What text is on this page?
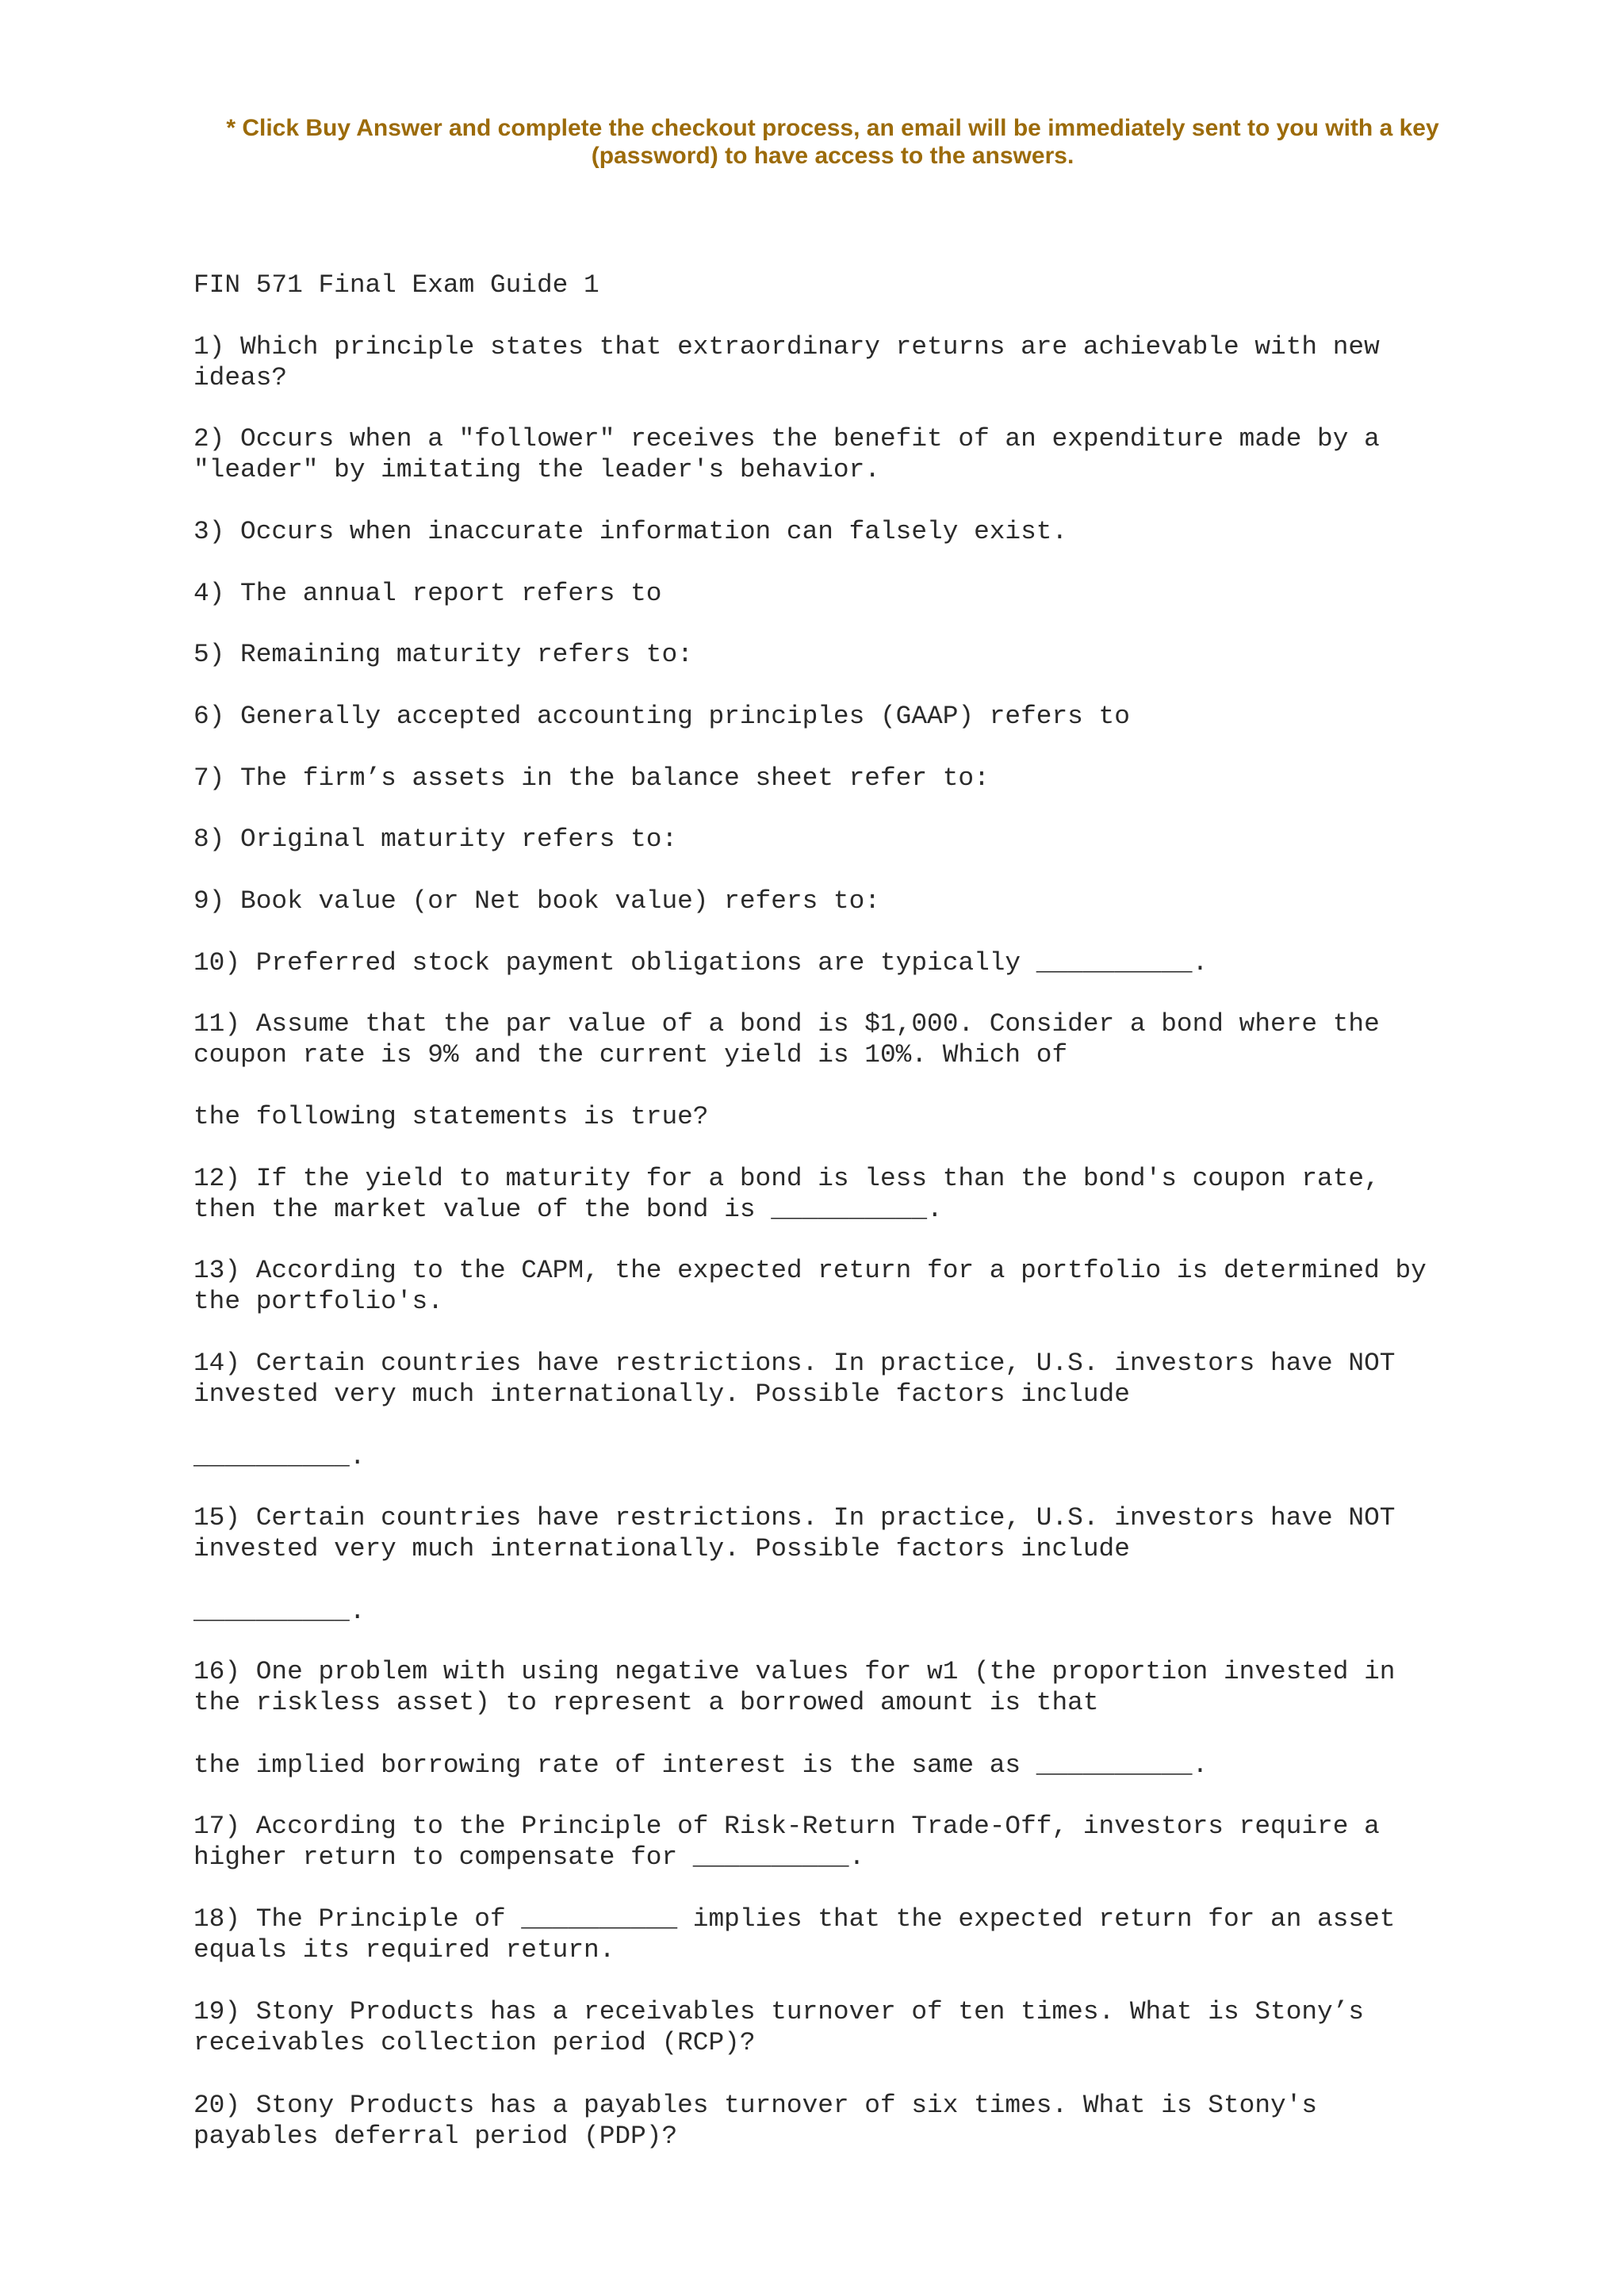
* Click Buy Answer and complete the checkout process, an email will be immediately sent to you with a key

(password) to have access to the answers.

FIN 571 Final Exam Guide 1
1) Which principle states that extraordinary returns are achievable with new
ideas?
2) Occurs when a "follower" receives the benefit of an expenditure made by a
"leader" by imitating the leader's behavior.
3) Occurs when inaccurate information can falsely exist.
4) The annual report refers to
5) Remaining maturity refers to:
6) Generally accepted accounting principles (GAAP) refers to
7) The firm’s assets in the balance sheet refer to:
8) Original maturity refers to:
9) Book value (or Net book value) refers to:
10) Preferred stock payment obligations are typically __________.
11) Assume that the par value of a bond is $1,000. Consider a bond where the
coupon rate is 9% and the current yield is 10%. Which of
the following statements is true?
12) If the yield to maturity for a bond is less than the bond's coupon rate,
then the market value of the bond is __________.
13) According to the CAPM, the expected return for a portfolio is determined by
the portfolio's.
14) Certain countries have restrictions. In practice, U.S. investors have NOT
invested very much internationally. Possible factors include
__________.
15) Certain countries have restrictions. In practice, U.S. investors have NOT
invested very much internationally. Possible factors include
__________.
16) One problem with using negative values for w1 (the proportion invested in
the riskless asset) to represent a borrowed amount is that
the implied borrowing rate of interest is the same as __________.
17) According to the Principle of Risk-Return Trade-Off, investors require a
higher return to compensate for __________.
18) The Principle of __________ implies that the expected return for an asset
equals its required return.
19) Stony Products has a receivables turnover of ten times. What is Stony’s
receivables collection period (RCP)?
20) Stony Products has a payables turnover of six times. What is Stony's
payables deferral period (PDP)?
